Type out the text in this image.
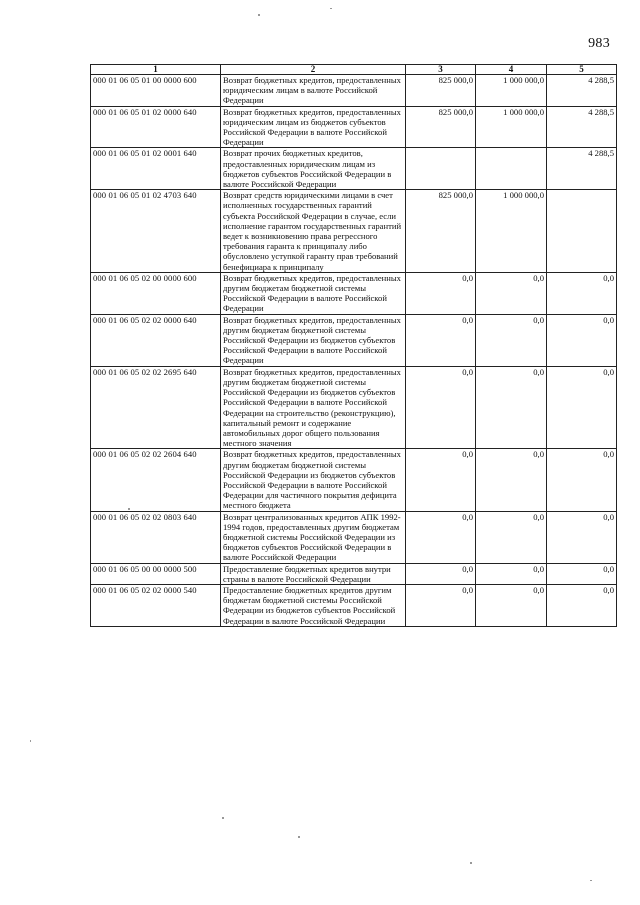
983
1	2	3	4	5
000 01 06 05 01 00 0000 600	Возврат бюджетных кредитов, предоставленных юридическим лицам в валюте Российской Федерации	825 000,0	1 000 000,0	4 288,5
000 01 06 05 01 02 0000 640	Возврат бюджетных кредитов, предоставленных юридическим лицам из бюджетов субъектов Российской Федерации в валюте Российской Федерации	825 000,0	1 000 000,0	4 288,5
000 01 06 05 01 02 0001 640	Возврат прочих бюджетных кредитов, предоставленных юридическим лицам из бюджетов субъектов Российской Федерации в валюте Российской Федерации			4 288,5
000 01 06 05 01 02 4703 640	Возврат средств юридическими лицами в счет исполненных государственных гарантий субъекта Российской Федерации в случае, если исполнение гарантом государственных гарантий ведет к возникновению права регрессного требования гаранта к принципалу либо обусловлено уступкой гаранту прав требований бенефициара к принципалу	825 000,0	1 000 000,0	
000 01 06 05 02 00 0000 600	Возврат бюджетных кредитов, предоставленных другим бюджетам бюджетной системы Российской Федерации в валюте Российской Федерации	0,0	0,0	0,0
000 01 06 05 02 02 0000 640	Возврат бюджетных кредитов, предоставленных другим бюджетам бюджетной системы Российской Федерации из бюджетов субъектов Российской Федерации в валюте Российской Федерации	0,0	0,0	0,0
000 01 06 05 02 02 2695 640	Возврат бюджетных кредитов, предоставленных другим бюджетам бюджетной системы Российской Федерации из бюджетов субъектов Российской Федерации в валюте Российской Федерации на строительство (реконструкцию), капитальный ремонт и содержание автомобильных дорог общего пользования местного значения	0,0	0,0	0,0
000 01 06 05 02 02 2604 640	Возврат бюджетных кредитов, предоставленных другим бюджетам бюджетной системы Российской Федерации из бюджетов субъектов Российской Федерации в валюте Российской Федерации для частичного покрытия дефицита местного бюджета	0,0	0,0	0,0
000 01 06 05 02 02 0803 640	Возврат централизованных кредитов АПК 1992-1994 годов, предоставленных другим бюджетам бюджетной системы Российской Федерации из бюджетов субъектов Российской Федерации в валюте Российской Федерации	0,0	0,0	0,0
000 01 06 05 00 00 0000 500	Предоставление бюджетных кредитов внутри страны в валюте Российской Федерации	0,0	0,0	0,0
000 01 06 05 02 02 0000 540	Предоставление бюджетных кредитов другим бюджетам бюджетной системы Российской Федерации из бюджетов субъектов Российской Федерации в валюте Российской Федерации	0,0	0,0	0,0
